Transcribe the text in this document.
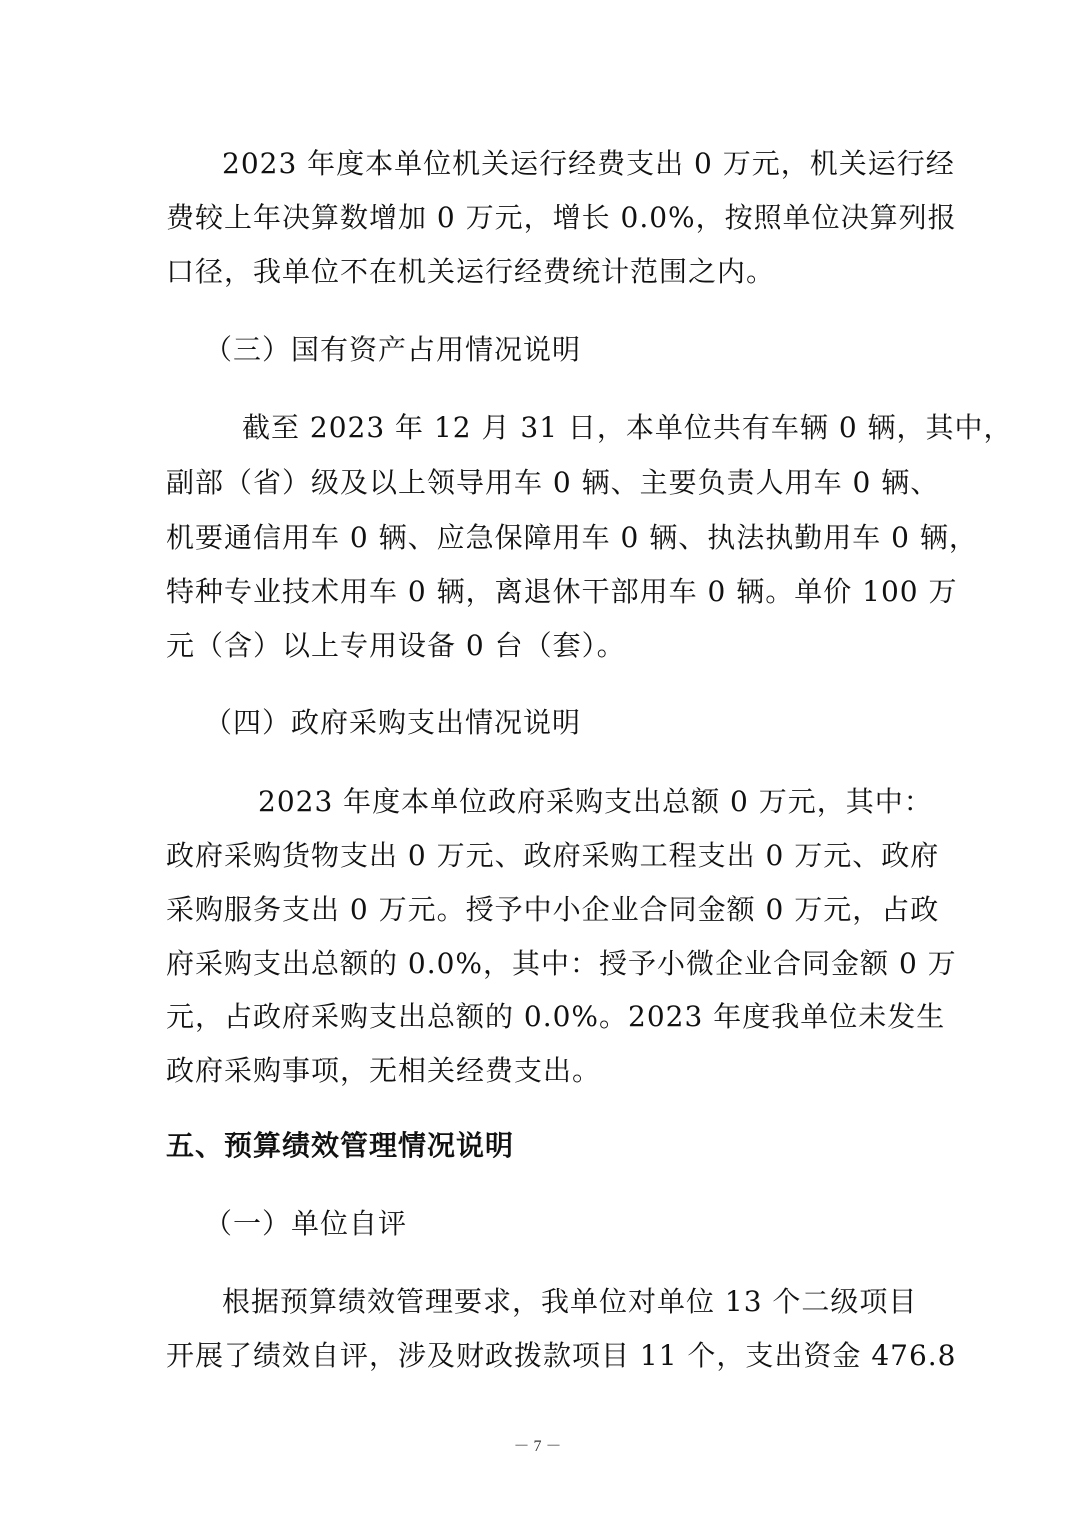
2023 年度本单位机关运行经费支出 0 万元，机关运行经
费较上年决算数增加 0 万元，增长 0.0%，按照单位决算列报
口径，我单位不在机关运行经费统计范围之内。
（三）国有资产占用情况说明
截至 2023 年 12 月 31 日，本单位共有车辆 0 辆，其中，
副部（省）级及以上领导用车 0 辆、主要负责人用车 0 辆、
机要通信用车 0 辆、应急保障用车 0 辆、执法执勤用车 0 辆，
特种专业技术用车 0 辆，离退休干部用车 0 辆。单价 100 万
元（含）以上专用设备 0 台（套）。
（四）政府采购支出情况说明
2023 年度本单位政府采购支出总额 0 万元，其中：
政府采购货物支出 0 万元、政府采购工程支出 0 万元、政府
采购服务支出 0 万元。授予中小企业合同金额 0 万元，占政
府采购支出总额的 0.0%，其中：授予小微企业合同金额 0 万
元，占政府采购支出总额的 0.0%。2023 年度我单位未发生
政府采购事项，无相关经费支出。
五、预算绩效管理情况说明
（一）单位自评
根据预算绩效管理要求，我单位对单位 13 个二级项目
开展了绩效自评，涉及财政拨款项目 11 个，支出资金 476.8
－ 7 －
